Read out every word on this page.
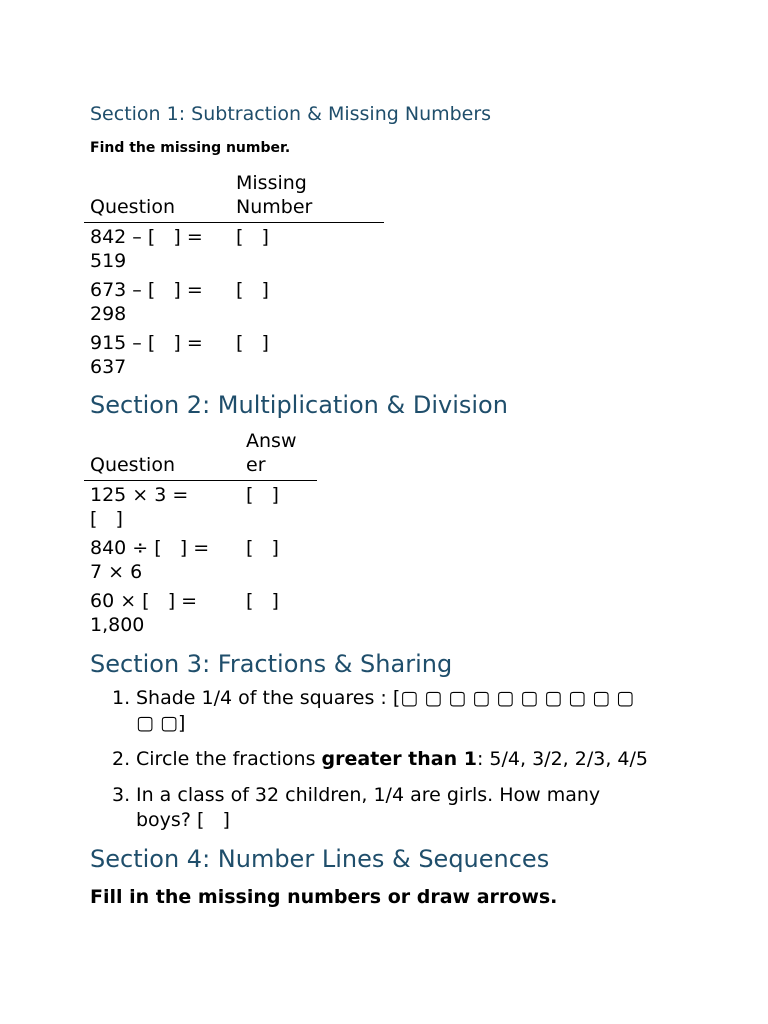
Section 1: Subtraction & Missing Numbers

Find the missing number.

Question
Missing
Number
842 – [   ] =
519
[   ]
673 – [   ] =
298
[   ]
915 – [   ] =
637
[   ]
Section 2: Multiplication & Division
Question
Answ
er
125 × 3 =
[   ]
[   ]
840 ÷ [   ] =
7 × 6
[   ]
60 × [   ] =
1,800
[   ]
Section 3: Fractions & Sharing
1. Shade 1/4 of the squares : [▢ ▢ ▢ ▢ ▢ ▢ ▢ ▢ ▢ ▢
▢ ▢]
2. Circle the fractions greater than 1: 5/4, 3/2, 2/3, 4/5
3. In a class of 32 children, 1/4 are girls. How many
boys? [   ]
Section 4: Number Lines & Sequences

Fill in the missing numbers or draw arrows.
